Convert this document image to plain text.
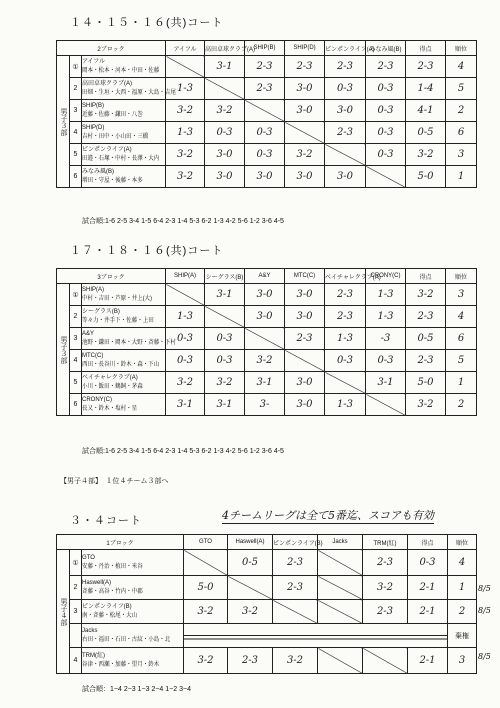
１４・１５・１６(共)コート
2ブロック			アイフル	高田卓球クラブ(A)	SHIP(B)	SHIP(D)	ピンポンライフ(A)	みなみ風(B)	得点	順位
男子３部	①	アイフル
岡本・松本・河本・中田・佐藤		3-1	2-3	2-3	2-3	2-3	2-3	4
	2	高田卓球クラブ(A)
田畑・生垣・大西・福原・大島・吉尾	1-3		2-3	3-0	0-3	0-3	1-4	5
	3	SHIP(B)
近藤・佐藤・鎌田・八巻	3-2	3-2		3-0	3-0	0-3	4-1	2
	4	SHIP(D)
吉村・田中・小山田・三橋	1-3	0-3	0-3		2-3	0-3	0-5	6
	5	ピンポンライフ(A)
田邉・石塚・中村・長澤・大内	3-2	3-0	0-3	3-2		0-3	3-2	3
	6	みなみ風(B)
増田・守屋・後藤・本多	3-2	3-0	3-0	3-0	3-0		5-0	1
試合順:1-6 2-5 3-4 1-5 6-4 2-3 1-4 5-3 6-2 1-3 4-2 5-6 1-2 3-6 4-5
１７・１８・１６(共)コート
3ブロック			SHIP(A)	シーグラス(B)	A&Y	MTC(C)	ベイチャレクラブ(A)	CRONY(C)	得点	順位
男子３部	①	SHIP(A)
中村・吉田・芦原・井上(大)		3-1	3-0	3-0	2-3	1-3	3-2	3
	2	シーグラス(B)
等々力・井手下・佐藤・上田	1-3		3-0	3-0	2-3	1-3	2-3	4
	3	A&Y
池野・鎌田・岡本・大野・斉藤・下村	0-3	0-3		2-3	1-3	-3	0-5	6
	4	MTC(C)
西田・長谷川・鈴木・森・下山	0-3	0-3	3-2		0-3	0-3	2-3	5
	5	ベイチャレクラブ(A)
小川・飯田・鶴飼・茅森	3-2	3-2	3-1	3-0		3-1	5-0	1
	6	CRONY(C)
長又・鈴木・塩村・星	3-1	3-1	3-	3-0	1-3		3-2	2
試合順:1-6 2-5 3-4 1-5 6-4 2-3 1-4 5-3 6-2 1-3 4-2 5-6 1-2 3-6 4-5
【男子４部】　１位４チーム３部へ
３・４コート	4チームリーグは全て5番迄、スコアも有効
1ブロック			GTO	Haswell(A)	ピンポンライフ(B)	Jacks	TRM(紅)	得点	順位
男子４部	①	GTO
安藤・丹治・植田・米谷		0-5	2-3		2-3	0-3	4
	2	Haswell(A)
斉藤・高谷・竹内・中郡	5-0		2-3		3-2	2-1	1
	3	ピンポンライフ(B)
南・斉藤・松尾・大山	3-2	3-2			2-3	2-1	2

		Jacks
右田・福田・石田・古紋・小島・北							棄権
	4	TRM(紅)
谷津・西瀬・加藤・望月・鈴木	3-2	2-3	3-2			2-1	3
8/5
8/5
8/5
試合順：1−4 2−3 1−3 2−4 1−2 3−4
